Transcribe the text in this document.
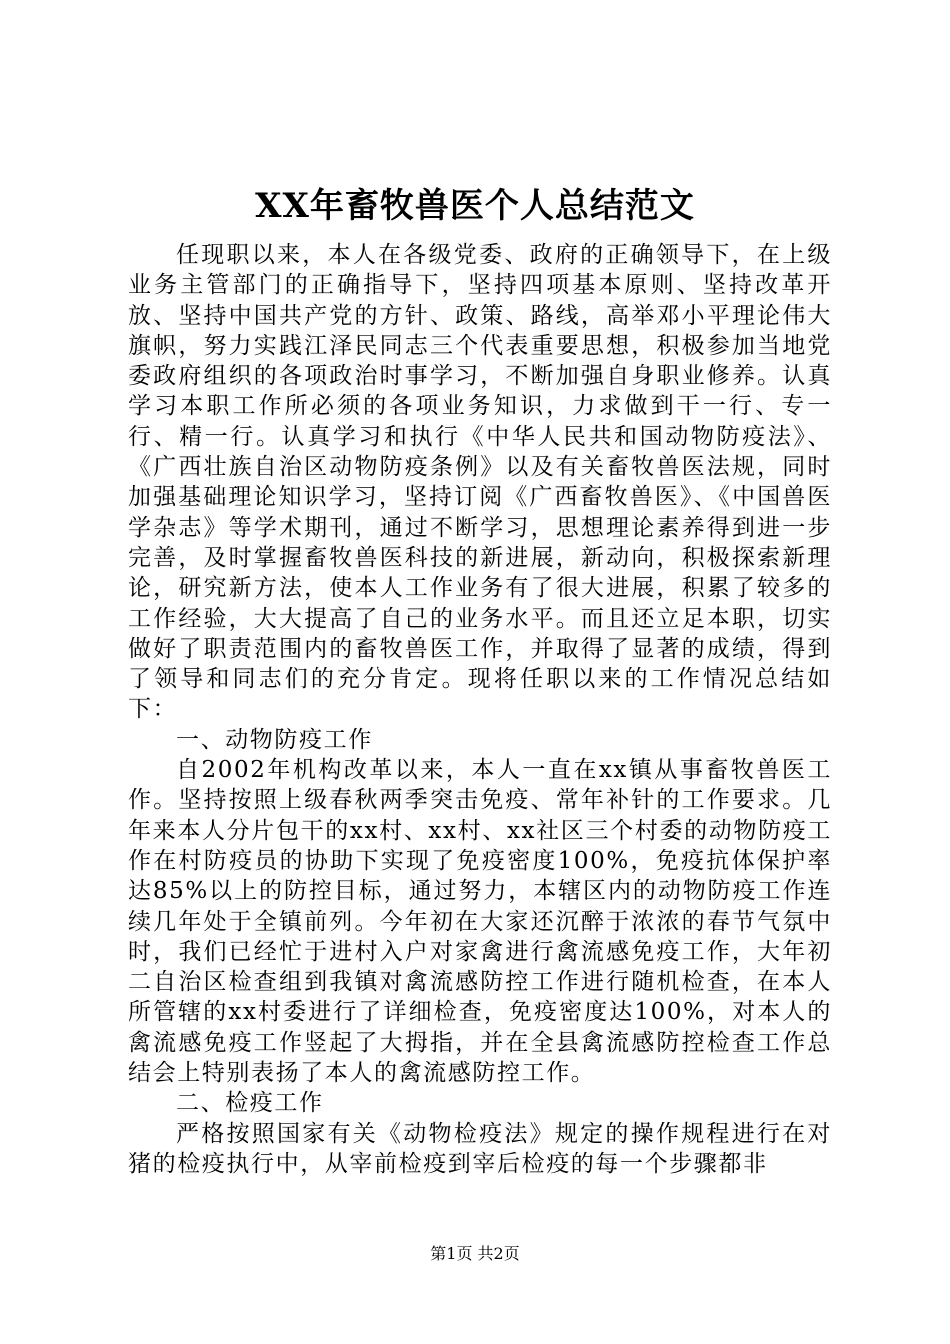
XX年畜牧兽医个人总结范文

任现职以来，本人在各级党委、政府的正确领导下，在上级业务主管部门的正确指导下，坚持四项基本原则、坚持改革开放、坚持中国共产党的方针、政策、路线，高举邓小平理论伟大旗帜，努力实践江泽民同志三个代表重要思想，积极参加当地党委政府组织的各项政治时事学习，不断加强自身职业修养。认真学习本职工作所必须的各项业务知识，力求做到干一行、专一行、精一行。认真学习和执行《中华人民共和国动物防疫法》、《广西壮族自治区动物防疫条例》以及有关畜牧兽医法规，同时加强基础理论知识学习，坚持订阅《广西畜牧兽医》、《中国兽医学杂志》等学术期刊，通过不断学习，思想理论素养得到进一步完善，及时掌握畜牧兽医科技的新进展，新动向，积极探索新理论，研究新方法，使本人工作业务有了很大进展，积累了较多的工作经验，大大提高了自己的业务水平。而且还立足本职，切实做好了职责范围内的畜牧兽医工作，并取得了显著的成绩，得到了领导和同志们的充分肯定。现将任职以来的工作情况总结如下：

一、动物防疫工作

自2002年机构改革以来，本人一直在xx镇从事畜牧兽医工作。坚持按照上级春秋两季突击免疫、常年补针的工作要求。几年来本人分片包干的xx村、xx村、xx社区三个村委的动物防疫工作在村防疫员的协助下实现了免疫密度100%，免疫抗体保护率达85%以上的防控目标，通过努力，本辖区内的动物防疫工作连续几年处于全镇前列。今年初在大家还沉醉于浓浓的春节气氛中时，我们已经忙于进村入户对家禽进行禽流感免疫工作，大年初二自治区检查组到我镇对禽流感防控工作进行随机检查，在本人所管辖的xx村委进行了详细检查，免疫密度达100%，对本人的禽流感免疫工作竖起了大拇指，并在全县禽流感防控检查工作总结会上特别表扬了本人的禽流感防控工作。

二、检疫工作

严格按照国家有关《动物检疫法》规定的操作规程进行在对猪的检疫执行中，从宰前检疫到宰后检疫的每一个步骤都非

第1页 共2页
